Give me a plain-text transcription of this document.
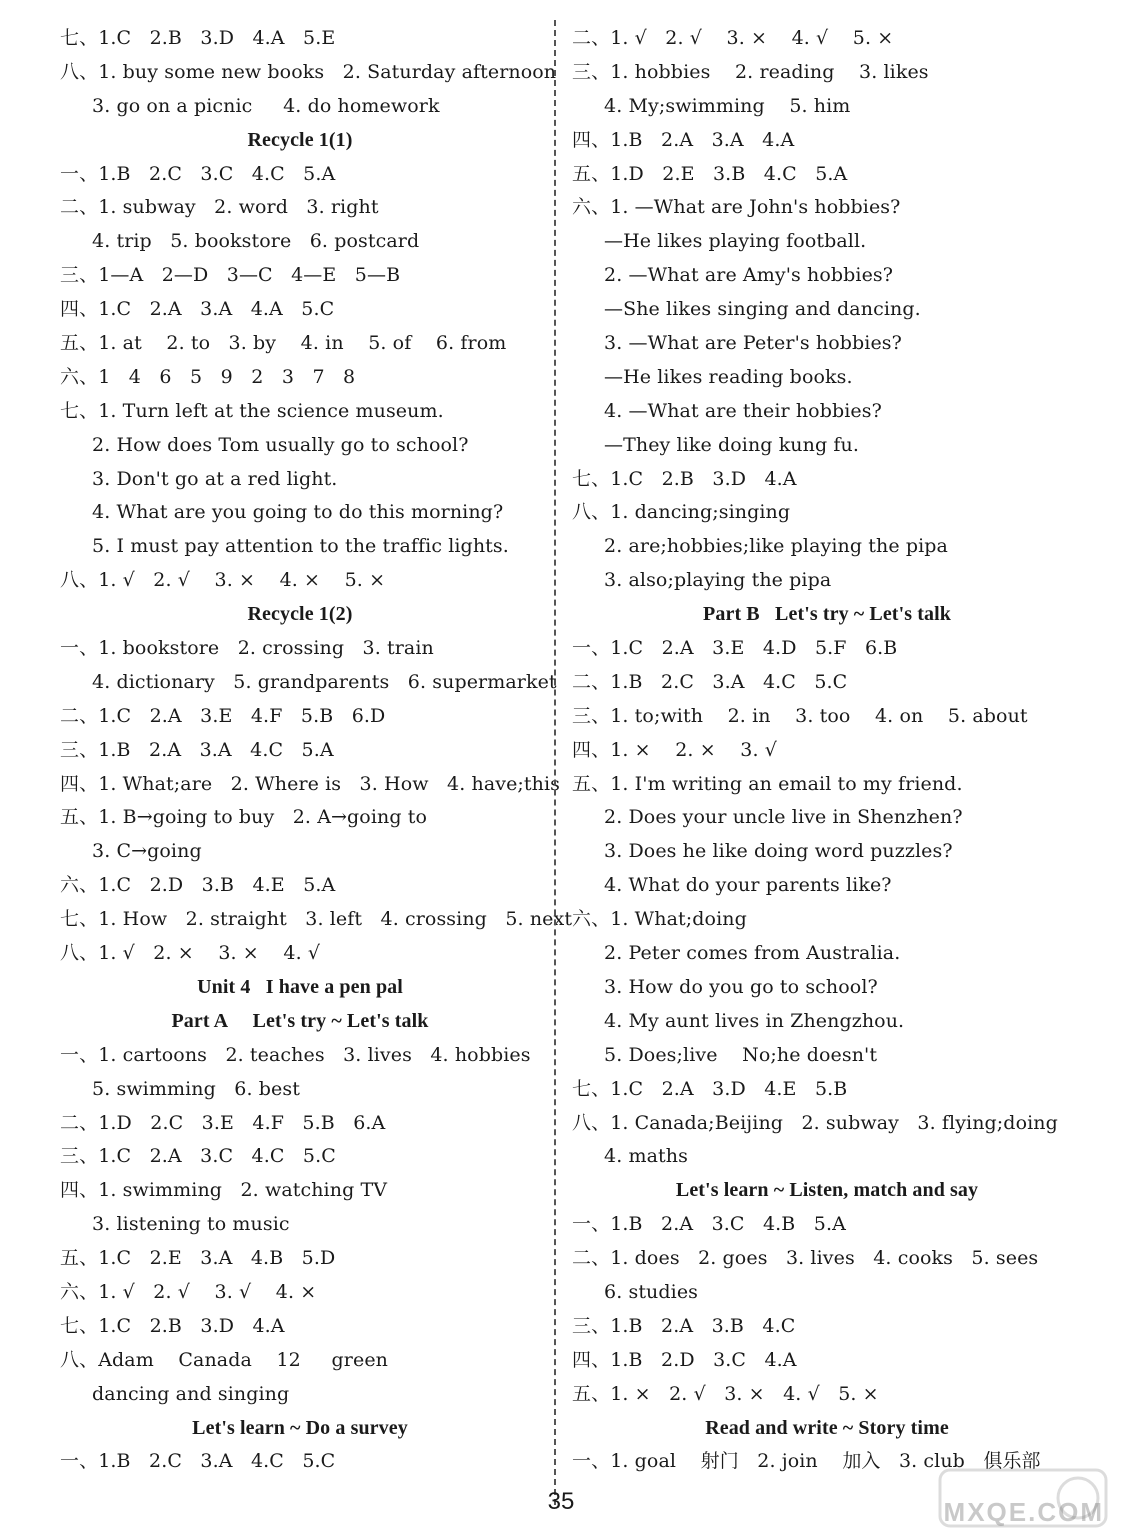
七、1.C   2.B   3.D   4.A   5.E
八、1. buy some new books   2. Saturday afternoon
3. go on a picnic     4. do homework
Recycle 1(1)
一、1.B   2.C   3.C   4.C   5.A
二、1. subway   2. word   3. right
4. trip   5. bookstore   6. postcard
三、1—A   2—D   3—C   4—E   5—B
四、1.C   2.A   3.A   4.A   5.C
五、1. at    2. to   3. by    4. in    5. of    6. from
六、1   4   6   5   9   2   3   7   8
七、1. Turn left at the science museum.
2. How does Tom usually go to school?
3. Don't go at a red light.
4. What are you going to do this morning?
5. I must pay attention to the traffic lights.
八、1. √   2. √    3. ×    4. ×    5. ×
Recycle 1(2)
一、1. bookstore   2. crossing   3. train
4. dictionary   5. grandparents   6. supermarket
二、1.C   2.A   3.E   4.F   5.B   6.D
三、1.B   2.A   3.A   4.C   5.A
四、1. What;are   2. Where is   3. How   4. have;this
五、1. B→going to buy   2. A→going to
3. C→going
六、1.C   2.D   3.B   4.E   5.A
七、1. How   2. straight   3. left   4. crossing   5. next
八、1. √   2. ×    3. ×    4. √
Unit 4   I have a pen pal
Part A     Let's try ~ Let's talk
一、1. cartoons   2. teaches   3. lives   4. hobbies
5. swimming   6. best
二、1.D   2.C   3.E   4.F   5.B   6.A
三、1.C   2.A   3.C   4.C   5.C
四、1. swimming   2. watching TV
3. listening to music
五、1.C   2.E   3.A   4.B   5.D
六、1. √   2. √    3. √    4. ×
七、1.C   2.B   3.D   4.A
八、Adam    Canada    12     green
dancing and singing
Let's learn ~ Do a survey
一、1.B   2.C   3.A   4.C   5.C
二、1. √   2. √    3. ×    4. √    5. ×
三、1. hobbies    2. reading    3. likes
4. My;swimming    5. him
四、1.B   2.A   3.A   4.A
五、1.D   2.E   3.B   4.C   5.A
六、1. —What are John's hobbies?
—He likes playing football.
2. —What are Amy's hobbies?
—She likes singing and dancing.
3. —What are Peter's hobbies?
—He likes reading books.
4. —What are their hobbies?
—They like doing kung fu.
七、1.C   2.B   3.D   4.A
八、1. dancing;singing
2. are;hobbies;like playing the pipa
3. also;playing the pipa
Part B   Let's try ~ Let's talk
一、1.C   2.A   3.E   4.D   5.F   6.B
二、1.B   2.C   3.A   4.C   5.C
三、1. to;with    2. in    3. too    4. on    5. about
四、1. ×    2. ×    3. √
五、1. I'm writing an email to my friend.
2. Does your uncle live in Shenzhen?
3. Does he like doing word puzzles?
4. What do your parents like?
六、1. What;doing
2. Peter comes from Australia.
3. How do you go to school?
4. My aunt lives in Zhengzhou.
5. Does;live    No;he doesn't
七、1.C   2.A   3.D   4.E   5.B
八、1. Canada;Beijing   2. subway   3. flying;doing
4. maths
Let's learn ~ Listen, match and say
一、1.B   2.A   3.C   4.B   5.A
二、1. does   2. goes   3. lives   4. cooks   5. sees
6. studies
三、1.B   2.A   3.B   4.C
四、1.B   2.D   3.C   4.A
五、1. ×   2. √   3. ×   4. √   5. ×
Read and write ~ Story time
一、1. goal    射门   2. join    加入   3. club   俱乐部
35	MXQE.COM
